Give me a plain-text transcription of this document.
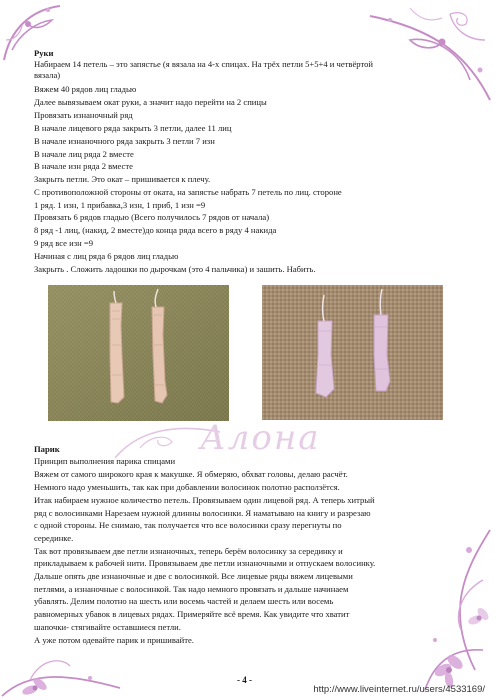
Руки
Набираем 14 петель – это запястье (я вязала на 4-х спицах. На трёх петли 5+5+4 и четвёртой
вязала)
Вяжем 40 рядов лиц гладью
Далее вывязываем окат руки, а значит надо перейти на 2 спицы
Провязать изнаночный ряд
В начале лицевого ряда закрыть 3 петли, далее 11 лиц
В начале изнаночного ряда закрыть 3 петли 7 изн
В начале лиц ряда 2 вместе
В начале изн ряда 2 вместе
Закрыть петли. Это окат – пришивается к плечу.
С противоположной стороны от оката, на запястье набрать 7 петель по лиц. стороне
1 ряд. 1 изн, 1 прибавка,3 изн, 1 приб, 1 изн =9
Провязать 6 рядов гладью (Всего получилось 7 рядов от начала)
8 ряд -1 лиц, (накид, 2 вместе)до конца ряда всего в ряду 4 накида
9 ряд все изн =9
Начиная с лиц ряда 6 рядов лиц гладью
Закрыть . Сложить ладошки по дырочкам (это 4 пальчика) и зашить. Набить.
Алона
Парик
Принцип выполнения парика спицами
Вяжем от самого широкого края к макушке. Я обмеряю, обхват головы, делаю расчёт.
Немного надо уменьшить, так как при добавлении волосинок полотно расползётся.
Итак набираем нужное количество петель. Провязываем один лицевой ряд. А теперь хитрый
ряд с волосинками Нарезаем нужной длинны волосинки. Я наматываю на книгу и разрезаю
с одной стороны. Не снимаю, так получается что все волосинки сразу перегнуты по
серединке.
Так вот провязываем две петли изнаночных, теперь берём волосинку за серединку и
прикладываем к рабочей нити. Провязываем две петли изнаночными и отпускаем волосинку.
Дальше опять две изнаночные и две с волосинкой. Все лицевые ряды вяжем лицевыми
петлями, а изнаночные с волосинкой. Так надо немного провязать и дальше начинаем
убавлять. Делим полотно на шесть или восемь частей и делаем шесть или восемь
равномерных убавок в лицевых рядах. Примеряйте всё время. Как увидите что хватит
шапочки- стягивайте оставшиеся петли.
А уже потом одевайте парик и пришивайте.
- 4 -
http://www.liveinternet.ru/users/4533169/
